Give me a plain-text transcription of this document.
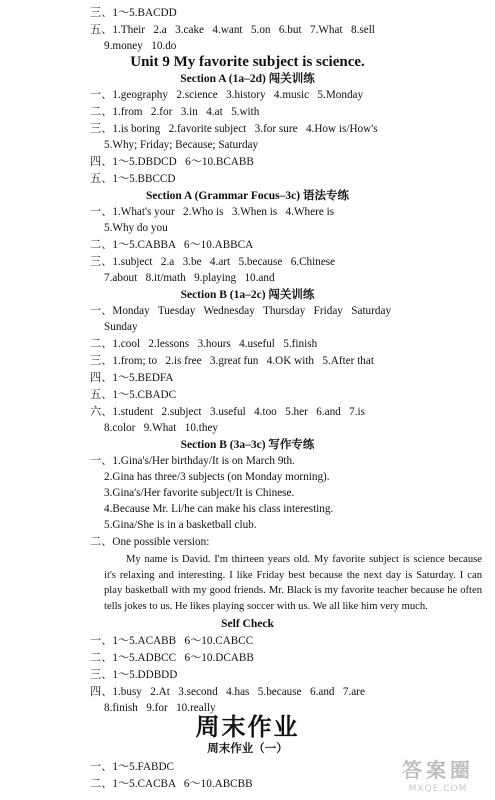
三、1～5.BACDD
五、1.Their   2.a   3.cake   4.want   5.on   6.but   7.What   8.sell
9.money   10.do
一、1.geography   2.science   3.history   4.music   5.Monday
二、1.from   2.for   3.in   4.at   5.with
三、1.is boring   2.favorite subject   3.for sure   4.How is/How's
5.Why; Friday; Because; Saturday
四、1～5.DBDCD   6～10.BCABB
五、1～5.BBCCD
一、1.What's your   2.Who is   3.When is   4.Where is
5.Why do you
二、1～5.CABBA   6～10.ABBCA
三、1.subject   2.a   3.be   4.art   5.because   6.Chinese
7.about   8.it/math   9.playing   10.and
一、Monday   Tuesday   Wednesday   Thursday   Friday   Saturday
Sunday
二、1.cool   2.lessons   3.hours   4.useful   5.finish
三、1.from; to   2.is free   3.great fun   4.OK with   5.After that
四、1～5.BEDFA
五、1～5.CBADC
六、1.student   2.subject   3.useful   4.too   5.her   6.and   7.is
8.color   9.What   10.they
一、1.Gina's/Her birthday/It is on March 9th.
2.Gina has three/3 subjects (on Monday morning).
3.Gina's/Her favorite subject/It is Chinese.
4.Because Mr. Li/he can make his class interesting.
5.Gina/She is in a basketball club.
二、One possible version:
一、1～5.ACABB   6～10.CABCC
二、1～5.ADBCC   6～10.DCABB
三、1～5.DDBDD
四、1.busy   2.At   3.second   4.has   5.because   6.and   7.are
8.finish   9.for   10.really
一、1～5.FABDC
二、1～5.CACBA   6～10.ABCBB
Unit 9 My favorite subject is science.
Section A (1a–2d) 闯关训练
Section A (Grammar Focus–3c) 语法专练
Section B (1a–2c) 闯关训练
Section B (3a–3c) 写作专练
Self Check
周末作业
周末作业（一）
My name is David. I'm thirteen years old. My favorite subject is science because it's relaxing and interesting. I like Friday best because the next day is Saturday. I can play basketball with my good friends. Mr. Black is my favorite teacher because he often tells jokes to us. He likes playing soccer with us. We all like him very much.
答案圈
MXQE.COM
